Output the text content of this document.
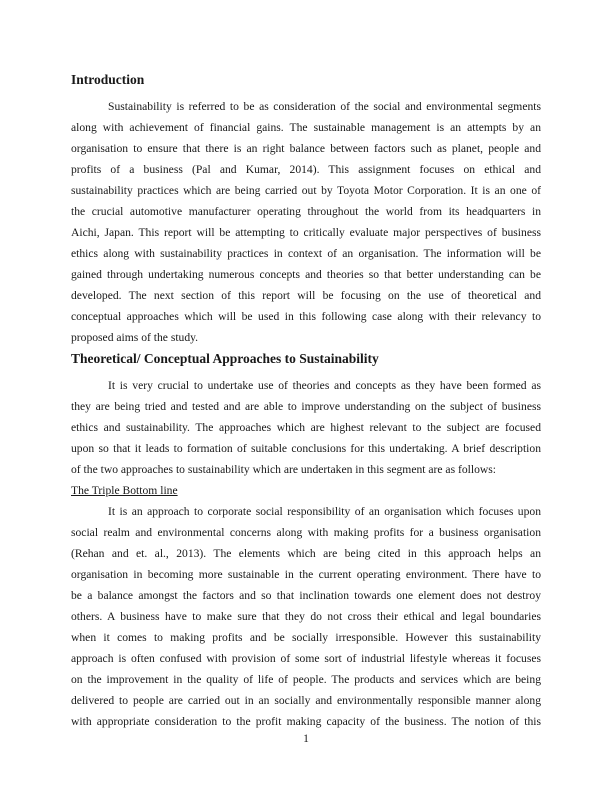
Introduction
Sustainability is referred to be as consideration of the social and environmental segments
along with achievement of financial gains. The sustainable management is an attempts by an
organisation to ensure that there is an right balance between factors such as planet, people and
profits of a business (Pal and Kumar, 2014). This assignment focuses on ethical and
sustainability practices which are being carried out by Toyota Motor Corporation. It is an one of
the crucial automotive manufacturer operating throughout the world from its headquarters in
Aichi, Japan. This report will be attempting to critically evaluate major perspectives of business
ethics along with sustainability practices in context of an organisation. The information will be
gained through undertaking numerous concepts and theories so that better understanding can be
developed. The next section of this report will be focusing on the use of theoretical and
conceptual approaches which will be used in this following case along with their relevancy to
proposed aims of the study.
Theoretical/ Conceptual Approaches to Sustainability
It is very crucial to undertake use of theories and concepts as they have been formed as
they are being tried and tested and are able to improve understanding on the subject of business
ethics and sustainability. The approaches which are highest relevant to the subject are focused
upon so that it leads to formation of suitable conclusions for this undertaking. A brief description
of the two approaches to sustainability which are undertaken in this segment are as follows:
The Triple Bottom line
It is an approach to corporate social responsibility of an organisation which focuses upon
social realm and environmental concerns along with making profits for a business organisation
(Rehan and et. al., 2013). The elements which are being cited in this approach helps an
organisation in becoming more sustainable in the current operating environment. There have to
be a balance amongst the factors and so that inclination towards one element does not destroy
others. A business have to make sure that they do not cross their ethical and legal boundaries
when it comes to making profits and be socially irresponsible. However this sustainability
approach is often confused with provision of some sort of industrial lifestyle whereas it focuses
on the improvement in the quality of life of people. The products and services which are being
delivered to people are carried out in an socially and environmentally responsible manner along
with appropriate consideration to the profit making capacity of the business. The notion of this
1
